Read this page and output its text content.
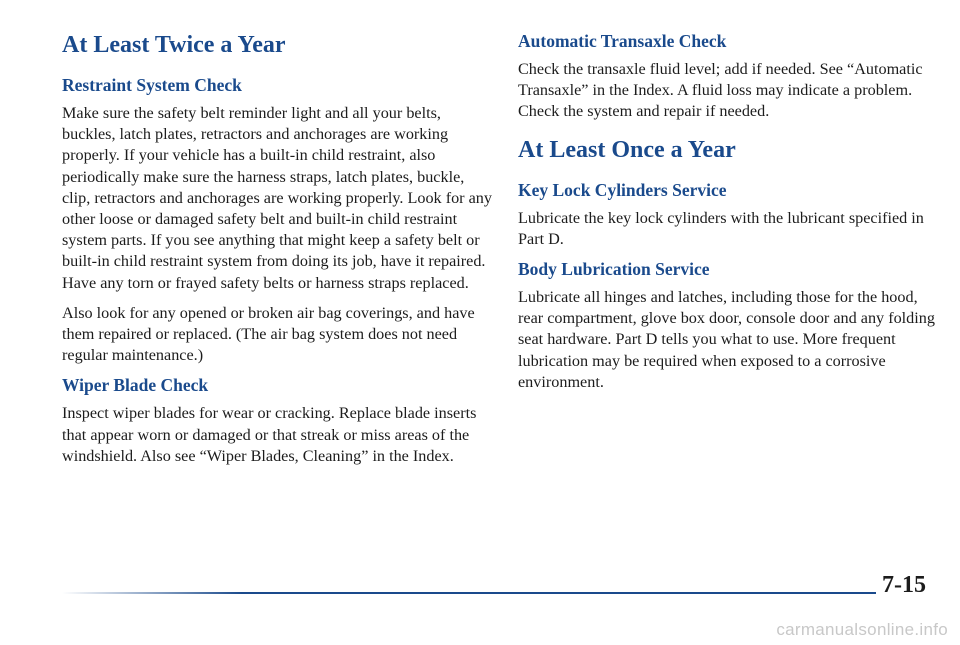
At Least Twice a Year
Restraint System Check

Make sure the safety belt reminder light and all your belts, buckles, latch plates, retractors and anchorages are working properly. If your vehicle has a built-in child restraint, also periodically make sure the harness straps, latch plates, buckle, clip, retractors and anchorages are working properly. Look for any other loose or damaged safety belt and built-in child restraint system parts. If you see anything that might keep a safety belt or built-in child restraint system from doing its job, have it repaired. Have any torn or frayed safety belts or harness straps replaced.

Also look for any opened or broken air bag coverings, and have them repaired or replaced. (The air bag system does not need regular maintenance.)

Wiper Blade Check

Inspect wiper blades for wear or cracking. Replace blade inserts that appear worn or damaged or that streak or miss areas of the windshield. Also see “Wiper Blades, Cleaning” in the Index.

Automatic Transaxle Check

Check the transaxle fluid level; add if needed. See “Automatic Transaxle” in the Index. A fluid loss may indicate a problem. Check the system and repair if needed.

At Least Once a Year
Key Lock Cylinders Service

Lubricate the key lock cylinders with the lubricant specified in Part D.

Body Lubrication Service

Lubricate all hinges and latches, including those for the hood, rear compartment, glove box door, console door and any folding seat hardware. Part D tells you what to use. More frequent lubrication may be required when exposed to a corrosive environment.

7-15
carmanualsonline.info
